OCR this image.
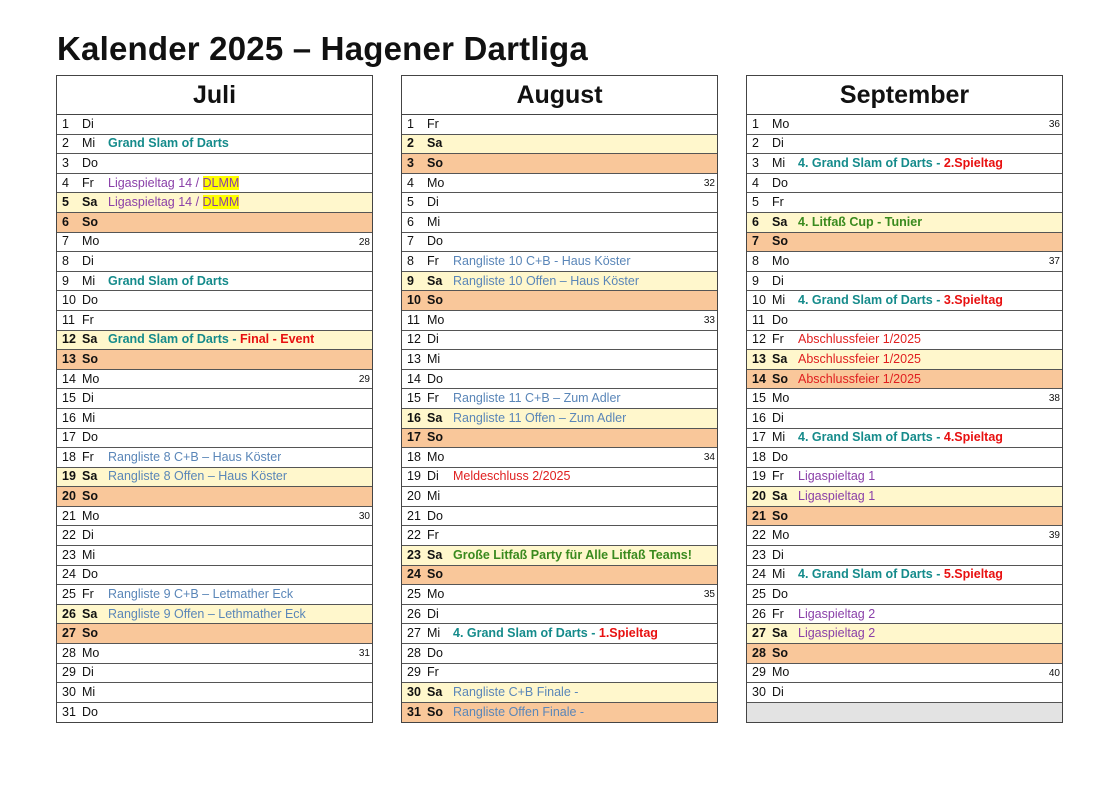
Kalender 2025 – Hagener Dartliga
Juli
1	Di
2	Mi	Grand Slam of Darts
3	Do
4	Fr	Ligaspieltag 14 / DLMM
5	Sa Ligaspieltag 14 / DLMM
6	So
7	Mo	28
8	Di
9	Mi	Grand Slam of Darts
10 Do
11 Fr
12 Sa Grand Slam of Darts - Final - Event
13 So
14 Mo	29
15 Di
16 Mi
17 Do
18 Fr	Rangliste 8 C+B – Haus Köster
19 Sa Rangliste 8 Offen – Haus Köster
20 So
21 Mo	30
22 Di
23 Mi
24 Do
25 Fr	Rangliste 9 C+B – Letmather Eck
26 Sa Rangliste 9 Offen – Lethmather Eck
27 So
28 Mo	31
29 Di
30 Mi
31 Do
August
1	Fr
2	Sa
3	So
4	Mo	32
5	Di
6	Mi
7	Do
8	Fr	Rangliste 10 C+B - Haus Köster
9	Sa Rangliste 10 Offen – Haus Köster
10 So
11 Mo	33
12 Di
13 Mi
14 Do
15 Fr	Rangliste 11 C+B – Zum Adler
16 Sa Rangliste 11 Offen – Zum Adler
17 So
18 Mo	34
19 Di	Meldeschluss 2/2025
20 Mi
21 Do
22 Fr
23 Sa Große Litfaß Party für Alle Litfaß Teams!
24 So
25 Mo	35
26 Di
27 Mi	4. Grand Slam of Darts - 1.Spieltag
28 Do
29 Fr
30 Sa Rangliste C+B Finale -
31 So Rangliste Offen Finale -
September
1	Mo	36
2	Di
3	Mi	4. Grand Slam of Darts - 2.Spieltag
4	Do
5	Fr
6	Sa 4. Litfaß Cup - Tunier
7	So
8	Mo	37
9	Di
10 Mi	4. Grand Slam of Darts - 3.Spieltag
11 Do
12 Fr	Abschlussfeier 1/2025
13 Sa Abschlussfeier 1/2025
14 So Abschlussfeier 1/2025
15 Mo	38
16 Di
17 Mi	4. Grand Slam of Darts - 4.Spieltag
18 Do
19 Fr	Ligaspieltag 1
20 Sa Ligaspieltag 1
21 So
22 Mo	39
23 Di
24 Mi	4. Grand Slam of Darts - 5.Spieltag
25 Do
26 Fr	Ligaspieltag 2
27 Sa Ligaspieltag 2
28 So
29 Mo	40
30 Di
